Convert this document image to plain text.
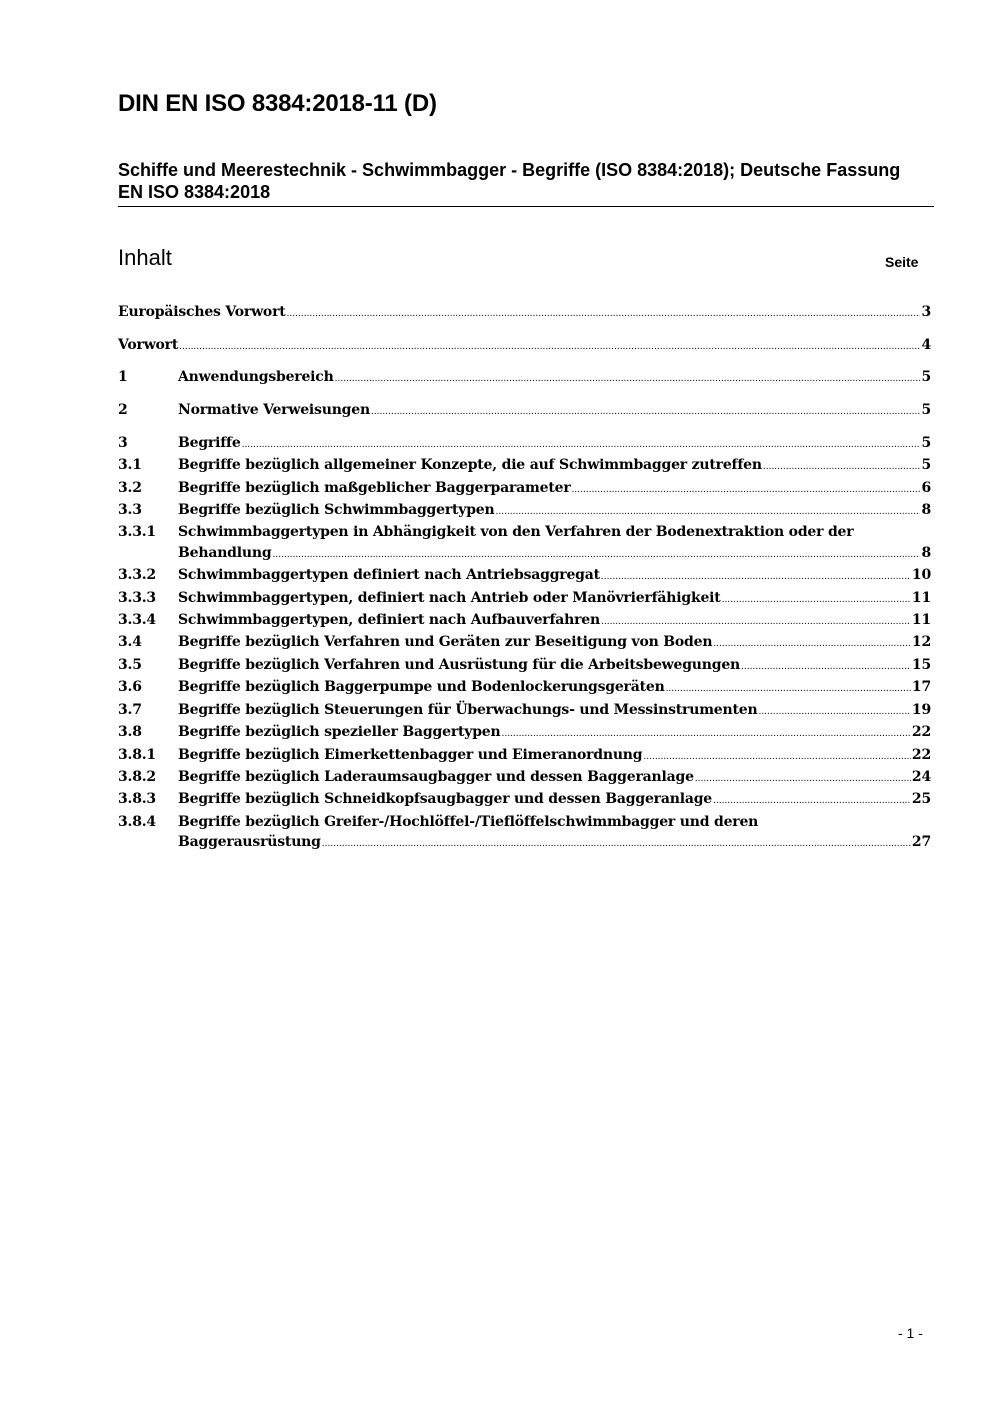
DIN EN ISO 8384:2018-11 (D)
Schiffe und Meerestechnik - Schwimmbagger - Begriffe (ISO 8384:2018); Deutsche Fassung EN ISO 8384:2018
Inhalt	Seite
Europäisches Vorwort .....	3
Vorwort .....	4
1	Anwendungsbereich .....	5
2	Normative Verweisungen .....	5
3	Begriffe .....	5
3.1	Begriffe bezüglich allgemeiner Konzepte, die auf Schwimmbagger zutreffen .....	5
3.2	Begriffe bezüglich maßgeblicher Baggerparameter .....	6
3.3	Begriffe bezüglich Schwimmbaggertypen .....	8
3.3.1 Schwimmbaggertypen in Abhängigkeit von den Verfahren der Bodenextraktion oder der
Behandlung .....	8
3.3.2 Schwimmbaggertypen definiert nach Antriebsaggregat .....	10
3.3.3 Schwimmbaggertypen, definiert nach Antrieb oder Manövrierfähigkeit .....	11
3.3.4 Schwimmbaggertypen, definiert nach Aufbauverfahren .....	11
3.4	Begriffe bezüglich Verfahren und Geräten zur Beseitigung von Boden .....	12
3.5	Begriffe bezüglich Verfahren und Ausrüstung für die Arbeitsbewegungen .....	15
3.6	Begriffe bezüglich Baggerpumpe und Bodenlockerungsgeräten .....	17
3.7	Begriffe bezüglich Steuerungen für Überwachungs- und Messinstrumenten .....	19
3.8	Begriffe bezüglich spezieller Baggertypen .....	22
3.8.1 Begriffe bezüglich Eimerkettenbagger und Eimeranordnung .....	22
3.8.2 Begriffe bezüglich Laderaumsaugbagger und dessen Baggeranlage .....	24
3.8.3 Begriffe bezüglich Schneidkopfsaugbagger und dessen Baggeranlage .....	25
3.8.4 Begriffe bezüglich Greifer-/Hochlöffel-/Tieflöffelschwimmbagger und deren
Baggerausrüstung .....	27
- 1 -
